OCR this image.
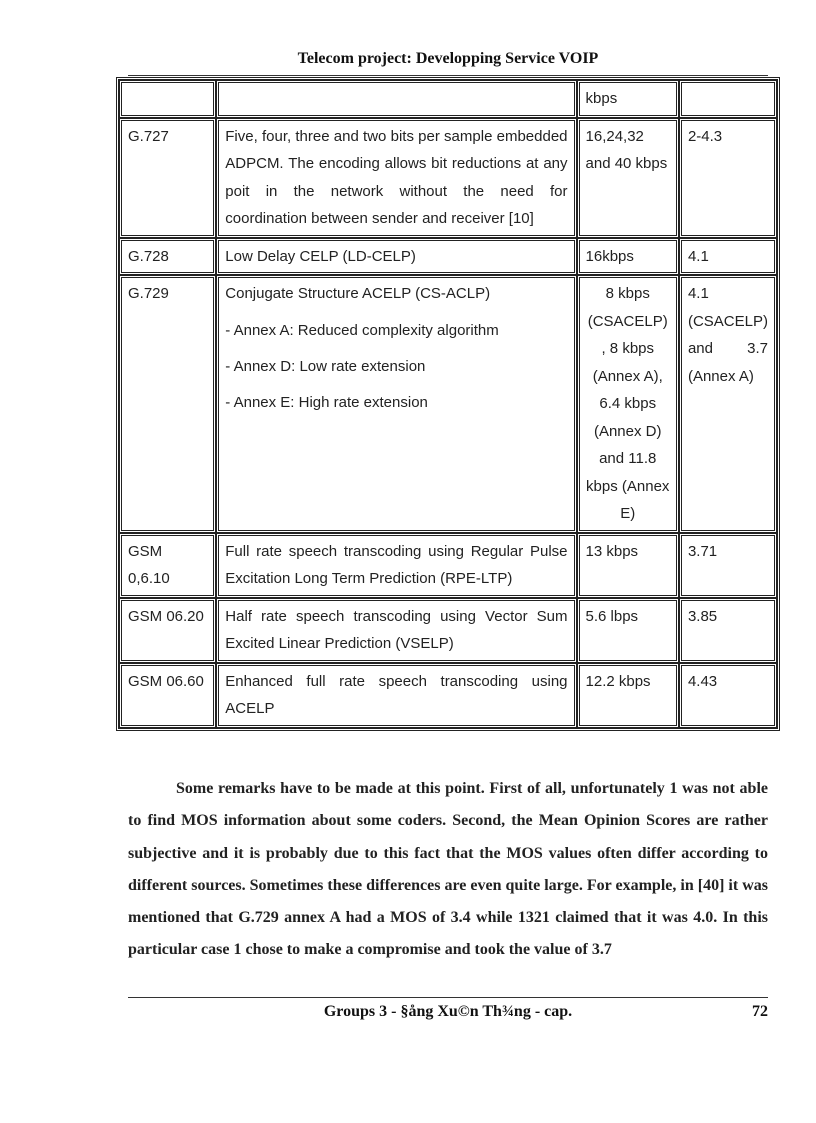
Telecom project: Developping Service VOIP
		kbps	
G.727	Five, four, three and two bits per sample embedded ADPCM. The encoding allows bit reductions at any poit in the network without the need for coordination between sender and receiver [10]	16,24,32 and 40 kbps	2-4.3
G.728	Low Delay CELP (LD-CELP)	16kbps	4.1
G.729	Conjugate Structure ACELP (CS-ACLP)
- Annex A: Reduced complexity algorithm
- Annex D: Low rate extension
- Annex E: High rate extension	8 kbps (CSACELP) , 8 kbps (Annex A), 6.4 kbps (Annex D) and 11.8 kbps (Annex E)	4.1 (CSACELP) and 3.7 (Annex A)
GSM 0,6.10	Full rate speech transcoding using Regular Pulse Excitation Long Term Prediction (RPE-LTP)	13 kbps	3.71
GSM 06.20	Half rate speech transcoding using Vector Sum Excited Linear Prediction (VSELP)	5.6 lbps	3.85
GSM 06.60	Enhanced full rate speech transcoding using ACELP	12.2 kbps	4.43

Some remarks have to be made at this point. First of all, unfortunately 1 was not able to find MOS information about some coders. Second, the Mean Opinion Scores are rather subjective and it is probably due to this fact that the MOS values often differ according to different sources. Sometimes these differences are even quite large. For example, in [40] it was mentioned that G.729 annex A had a MOS of 3.4 while 1321 claimed that it was 4.0. In this particular case 1 chose to make a compromise and took the value of 3.7

Groups 3 - §ång Xu©n Th¾ng - cap.	72
